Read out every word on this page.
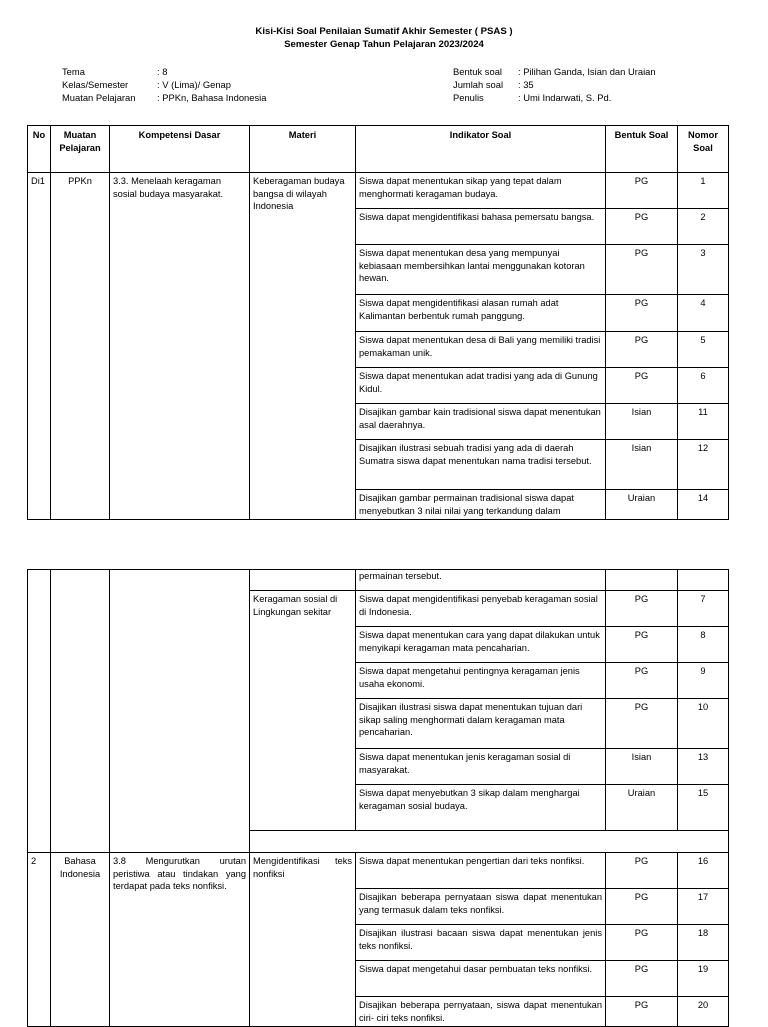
Kisi-Kisi Soal Penilaian Sumatif Akhir Semester ( PSAS )
Semester Genap Tahun Pelajaran 2023/2024
Tema	: 8
Kelas/Semester	: V (Lima)/ Genap
Muatan Pelajaran : PPKn, Bahasa Indonesia
Bentuk soal : Pilihan Ganda, Isian dan Uraian
Jumlah soal : 35
Penulis	: Umi Indarwati, S. Pd.
No	Muatan Pelajaran	Kompetensi Dasar	Materi	Indikator Soal	Bentuk Soal	Nomor Soal
Di1	PPKn	3.3. Menelaah keragaman sosial budaya masyarakat.	Keberagaman budaya bangsa di wilayah Indonesia	Siswa dapat menentukan sikap yang tepat dalam menghormati keragaman budaya.	PG	1
				Siswa dapat mengidentifikasi bahasa pemersatu bangsa.	PG	2
				Siswa dapat menentukan desa yang mempunyai kebiasaan membersihkan lantai menggunakan kotoran hewan.	PG	3
				Siswa dapat mengidentifikasi alasan rumah adat Kalimantan berbentuk rumah panggung.	PG	4
				Siswa dapat menentukan desa di Bali yang memiliki tradisi pemakaman unik.	PG	5
				Siswa dapat menentukan adat tradisi yang ada di Gunung Kidul.	PG	6
				Disajikan gambar kain tradisional siswa dapat menentukan asal daerahnya.	Isian	11
				Disajikan ilustrasi sebuah tradisi yang ada di daerah Sumatra siswa dapat menentukan nama tradisi tersebut.	Isian	12
				Disajikan gambar permainan tradisional siswa dapat menyebutkan 3 nilai nilai yang terkandung dalam	Uraian	14
				permainan tersebut.		
			Keragaman sosial di Lingkungan sekitar	Siswa dapat mengidentifikasi penyebab keragaman sosial di Indonesia.	PG	7
				Siswa dapat menentukan cara yang dapat dilakukan untuk menyikapi keragaman mata pencaharian.	PG	8
				Siswa dapat mengetahui pentingnya keragaman jenis usaha ekonomi.	PG	9
				Disajikan ilustrasi siswa dapat menentukan tujuan dari sikap saling menghormati dalam keragaman mata pencaharian.	PG	10
				Siswa dapat menentukan jenis keragaman sosial di masyarakat.	Isian	13
				Siswa dapat menyebutkan 3 sikap dalam menghargai keragaman sosial budaya.	Uraian	15

2	Bahasa Indonesia	3.8 Mengurutkan urutan peristiwa atau tindakan yang terdapat pada teks nonfiksi.	Mengidentifikasi teks nonfiksi	Siswa dapat menentukan pengertian dari teks nonfiksi.	PG	16
				Disajikan beberapa pernyataan siswa dapat menentukan yang termasuk dalam teks nonfiksi.	PG	17
				Disajikan ilustrasi bacaan siswa dapat menentukan jenis teks nonfiksi.	PG	18
				Siswa dapat mengetahui dasar pembuatan teks nonfiksi.	PG	19
				Disajikan beberapa pernyataan, siswa dapat menentukan ciri- ciri teks nonfiksi.	PG	20
